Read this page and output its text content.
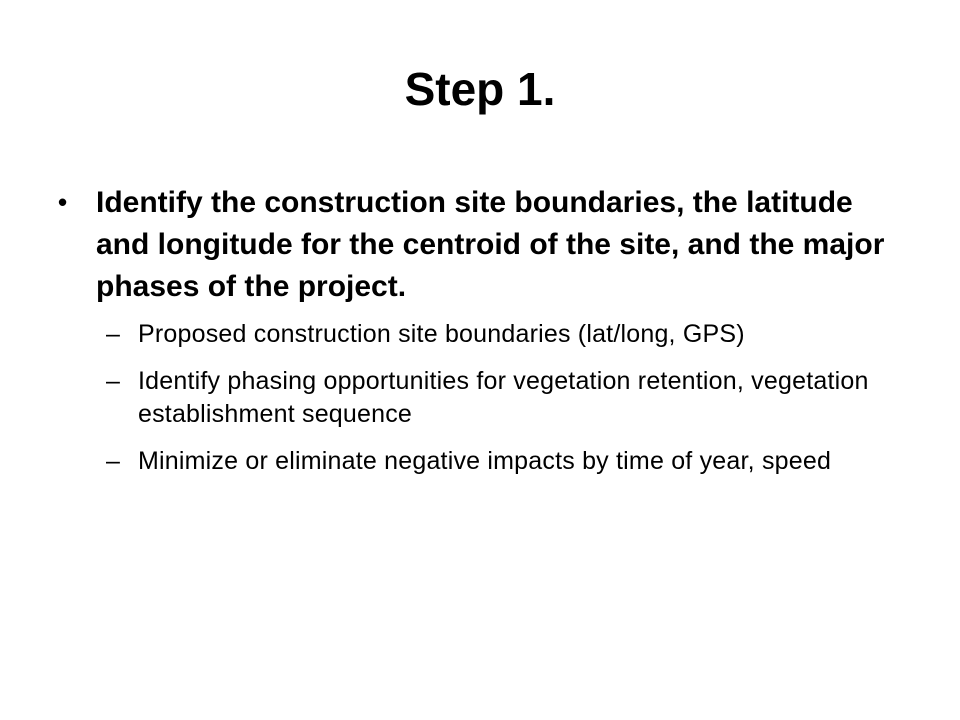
Step 1.
• Identify the construction site boundaries, the latitude and longitude for the centroid of the site, and the major phases of the project.
– Proposed construction site boundaries (lat/long, GPS)
– Identify phasing opportunities for vegetation retention, vegetation establishment sequence
– Minimize or eliminate negative impacts by time of year, speed
